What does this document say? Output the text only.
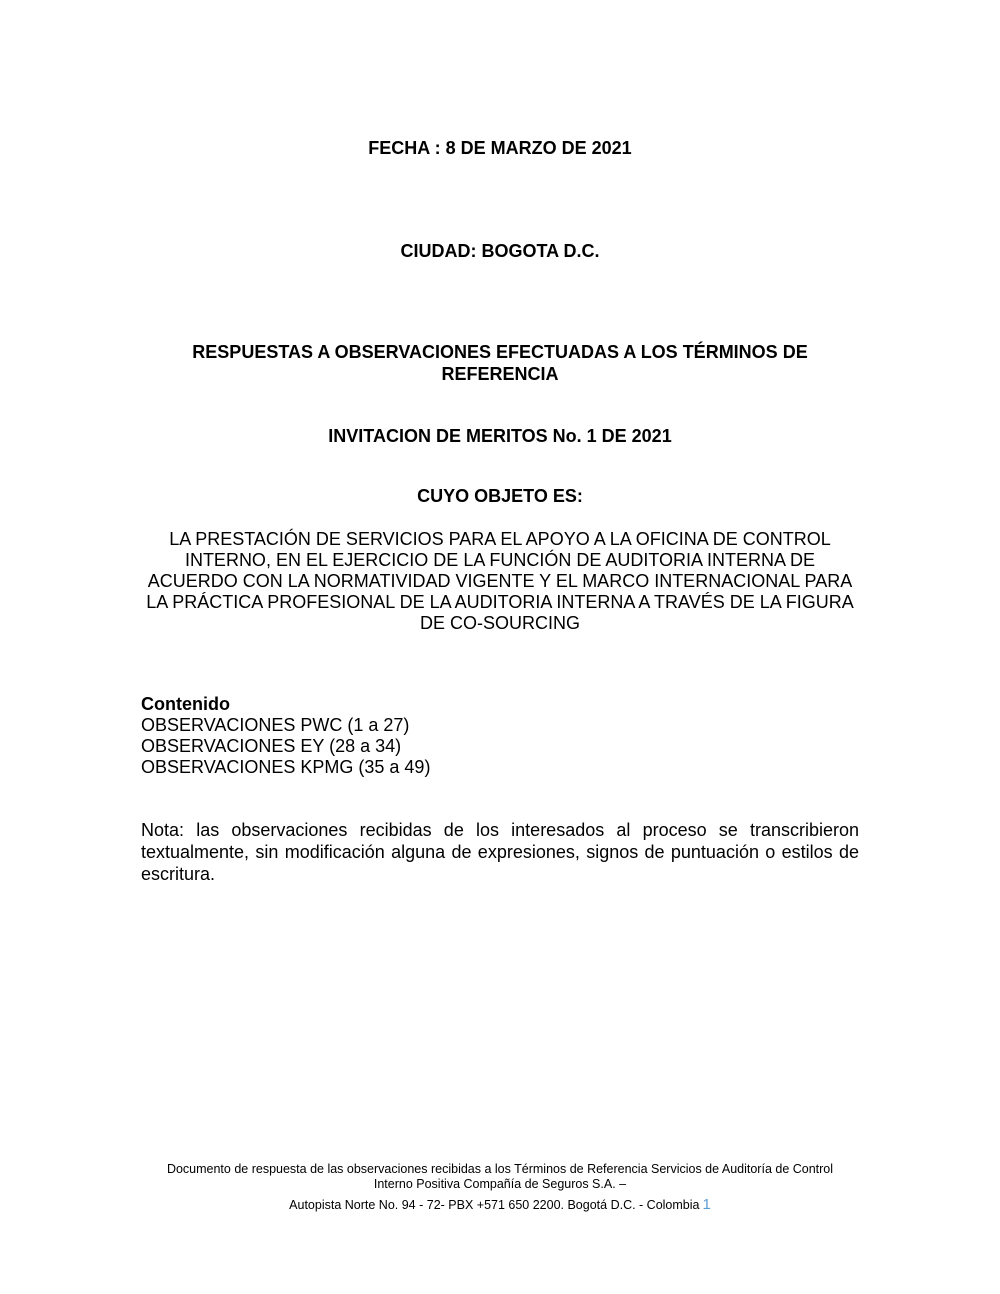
FECHA : 8 DE MARZO DE 2021
CIUDAD: BOGOTA D.C.
RESPUESTAS A OBSERVACIONES EFECTUADAS A LOS TÉRMINOS DE REFERENCIA
INVITACION DE MERITOS No. 1 DE 2021
CUYO OBJETO ES:
LA PRESTACIÓN DE SERVICIOS PARA EL APOYO A LA OFICINA DE CONTROL INTERNO, EN EL EJERCICIO DE LA FUNCIÓN DE AUDITORIA INTERNA DE ACUERDO CON LA NORMATIVIDAD VIGENTE Y EL MARCO INTERNACIONAL PARA LA PRÁCTICA PROFESIONAL DE LA AUDITORIA INTERNA A TRAVÉS DE LA FIGURA DE CO-SOURCING
Contenido
OBSERVACIONES PWC (1 a 27)
OBSERVACIONES EY (28 a 34)
OBSERVACIONES KPMG (35 a 49)
Nota: las observaciones recibidas de los interesados al proceso se transcribieron textualmente, sin modificación alguna de expresiones, signos de puntuación o estilos de escritura.
Documento de respuesta de las observaciones recibidas a los Términos de Referencia Servicios de Auditoría de Control
Interno Positiva Compañía de Seguros S.A. –
Autopista Norte No. 94 - 72- PBX +571 650 2200. Bogotá D.C. - Colombia 1
